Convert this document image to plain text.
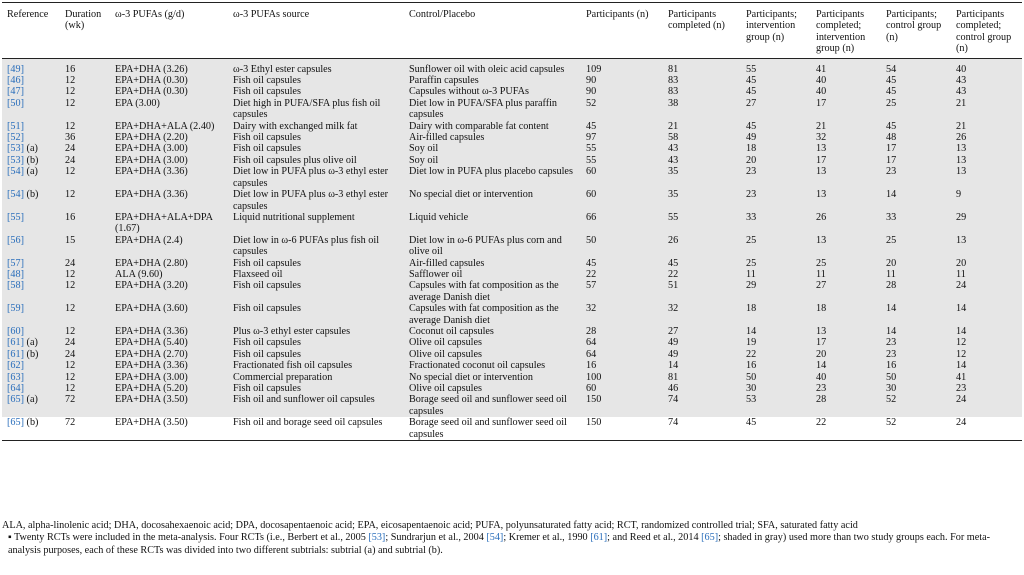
Reference	Duration (wk)	ω-3 PUFAs (g/d)	ω-3 PUFAs source	Control/Placebo	Participants (n)	Participants completed (n)	Participants; intervention group (n)	Participants completed; intervention group (n)	Participants; control group (n)	Participants completed; control group (n)
[49]	16	EPA+DHA (3.26)	ω-3 Ethyl ester capsules	Sunflower oil with oleic acid capsules	109	81	55	41	54	40
[46]	12	EPA+DHA (0.30)	Fish oil capsules	Paraffin capsules	90	83	45	40	45	43
[47]	12	EPA+DHA (0.30)	Fish oil capsules	Capsules without ω-3 PUFAs	90	83	45	40	45	43
[50]	12	EPA (3.00)	Diet high in PUFA/SFA plus fish oil capsules	Diet low in PUFA/SFA plus paraffin capsules	52	38	27	17	25	21
[51]	12	EPA+DHA+ALA (2.40)	Dairy with exchanged milk fat	Dairy with comparable fat content	45	21	45	21	45	21
[52]	36	EPA+DHA (2.20)	Fish oil capsules	Air-filled capsules	97	58	49	32	48	26
[53] (a)	24	EPA+DHA (3.00)	Fish oil capsules	Soy oil	55	43	18	13	17	13
[53] (b)	24	EPA+DHA (3.00)	Fish oil capsules plus olive oil	Soy oil	55	43	20	17	17	13
[54] (a)	12	EPA+DHA (3.36)	Diet low in PUFA plus ω-3 ethyl ester capsules	Diet low in PUFA plus placebo capsules	60	35	23	13	23	13
[54] (b)	12	EPA+DHA (3.36)	Diet low in PUFA plus ω-3 ethyl ester capsules	No special diet or intervention	60	35	23	13	14	9
[55]	16	EPA+DHA+ALA+DPA (1.67)	Liquid nutritional supplement	Liquid vehicle	66	55	33	26	33	29
[56]	15	EPA+DHA (2.4)	Diet low in ω-6 PUFAs plus fish oil capsules	Diet low in ω-6 PUFAs plus corn and olive oil	50	26	25	13	25	13
[57]	24	EPA+DHA (2.80)	Fish oil capsules	Air-filled capsules	45	45	25	25	20	20
[48]	12	ALA (9.60)	Flaxseed oil	Safflower oil	22	22	11	11	11	11
[58]	12	EPA+DHA (3.20)	Fish oil capsules	Capsules with fat composition as the average Danish diet	57	51	29	27	28	24
[59]	12	EPA+DHA (3.60)	Fish oil capsules	Capsules with fat composition as the average Danish diet	32	32	18	18	14	14
[60]	12	EPA+DHA (3.36)	Plus ω-3 ethyl ester capsules	Coconut oil capsules	28	27	14	13	14	14
[61] (a)	24	EPA+DHA (5.40)	Fish oil capsules	Olive oil capsules	64	49	19	17	23	12
[61] (b)	24	EPA+DHA (2.70)	Fish oil capsules	Olive oil capsules	64	49	22	20	23	12
[62]	12	EPA+DHA (3.36)	Fractionated fish oil capsules	Fractionated coconut oil capsules	16	14	16	14	16	14
[63]	12	EPA+DHA (3.00)	Commercial preparation	No special diet or intervention	100	81	50	40	50	41
[64]	12	EPA+DHA (5.20)	Fish oil capsules	Olive oil capsules	60	46	30	23	30	23
[65] (a)	72	EPA+DHA (3.50)	Fish oil and sunflower oil capsules	Borage seed oil and sunflower seed oil capsules	150	74	53	28	52	24
[65] (b)	72	EPA+DHA (3.50)	Fish oil and borage seed oil capsules	Borage seed oil and sunflower seed oil capsules	150	74	45	22	52	24

ALA, alpha-linolenic acid; DHA, docosahexaenoic acid; DPA, docosapentaenoic acid; EPA, eicosapentaenoic acid; PUFA, polyunsaturated fatty acid; RCT, randomized controlled trial; SFA, saturated fatty acid

▪ Twenty RCTs were included in the meta-analysis. Four RCTs (i.e., Berbert et al., 2005 [53]; Sundrarjun et al., 2004 [54]; Kremer et al., 1990 [61]; and Reed et al., 2014 [65]; shaded in gray) used more than two study groups each. For meta-analysis purposes, each of these RCTs was divided into two different subtrials: subtrial (a) and subtrial (b).
